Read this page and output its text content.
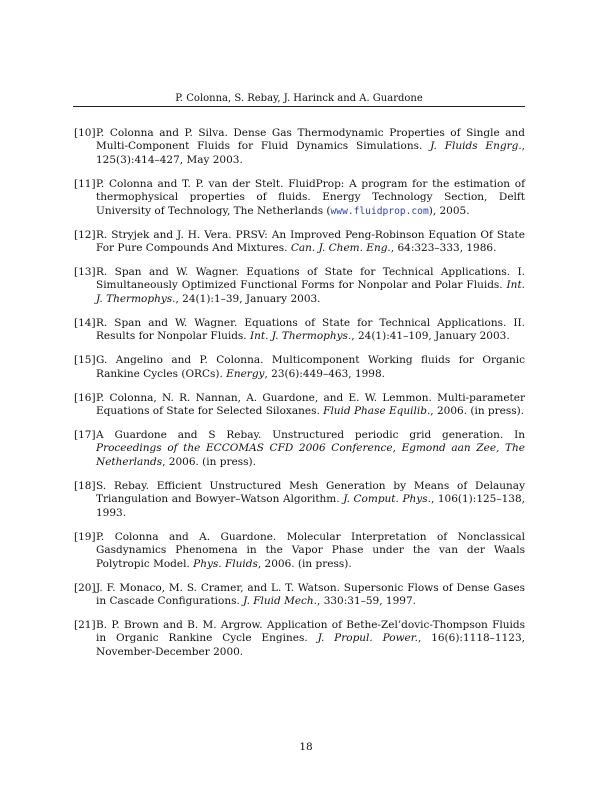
P. Colonna, S. Rebay, J. Harinck and A. Guardone
[10] P. Colonna and P. Silva. Dense Gas Thermodynamic Properties of Single and Multi-Component Fluids for Fluid Dynamics Simulations. J. Fluids Engrg., 125(3):414–427, May 2003.
[11] P. Colonna and T. P. van der Stelt. FluidProp: A program for the estimation of thermophysical properties of fluids. Energy Technology Section, Delft University of Technology, The Netherlands (www.fluidprop.com), 2005.
[12] R. Stryjek and J. H. Vera. PRSV: An Improved Peng-Robinson Equation Of State For Pure Compounds And Mixtures. Can. J. Chem. Eng., 64:323–333, 1986.
[13] R. Span and W. Wagner. Equations of State for Technical Applications. I. Simultaneously Optimized Functional Forms for Nonpolar and Polar Fluids. Int. J. Thermophys., 24(1):1–39, January 2003.
[14] R. Span and W. Wagner. Equations of State for Technical Applications. II. Results for Nonpolar Fluids. Int. J. Thermophys., 24(1):41–109, January 2003.
[15] G. Angelino and P. Colonna. Multicomponent Working fluids for Organic Rankine Cycles (ORCs). Energy, 23(6):449–463, 1998.
[16] P. Colonna, N. R. Nannan, A. Guardone, and E. W. Lemmon. Multi-parameter Equations of State for Selected Siloxanes. Fluid Phase Equilib., 2006. (in press).
[17] A Guardone and S Rebay. Unstructured periodic grid generation. In Proceedings of the ECCOMAS CFD 2006 Conference, Egmond aan Zee, The Netherlands, 2006. (in press).
[18] S. Rebay. Efficient Unstructured Mesh Generation by Means of Delaunay Triangulation and Bowyer–Watson Algorithm. J. Comput. Phys., 106(1):125–138, 1993.
[19] P. Colonna and A. Guardone. Molecular Interpretation of Nonclassical Gasdynamics Phenomena in the Vapor Phase under the van der Waals Polytropic Model. Phys. Fluids, 2006. (in press).
[20] J. F. Monaco, M. S. Cramer, and L. T. Watson. Supersonic Flows of Dense Gases in Cascade Configurations. J. Fluid Mech., 330:31–59, 1997.
[21] B. P. Brown and B. M. Argrow. Application of Bethe-Zel’dovic-Thompson Fluids in Organic Rankine Cycle Engines. J. Propul. Power., 16(6):1118–1123, November-December 2000.
18
